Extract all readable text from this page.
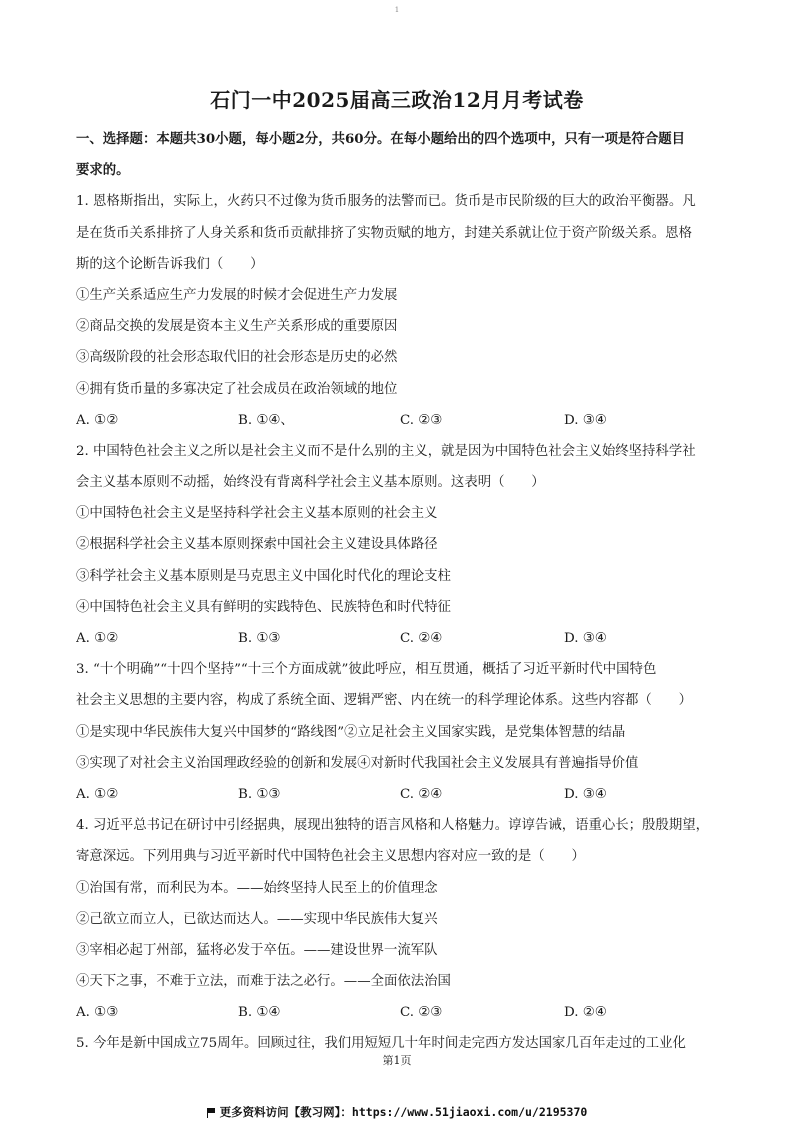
1
石门一中2025届高三政治12月月考试卷
一、选择题：本题共30小题，每小题2分，共60分。在每小题给出的四个选项中，只有一项是符合题目
要求的。
1. 恩格斯指出，实际上，火药只不过像为货币服务的法警而已。货币是市民阶级的巨大的政治平衡器。凡
是在货币关系排挤了人身关系和货币贡献排挤了实物贡赋的地方，封建关系就让位于资产阶级关系。恩格
斯的这个论断告诉我们（　　）
①生产关系适应生产力发展的时候才会促进生产力发展
②商品交换的发展是资本主义生产关系形成的重要原因
③高级阶段的社会形态取代旧的社会形态是历史的必然
④拥有货币量的多寡决定了社会成员在政治领域的地位
A. ①②	B. ①④、	C. ②③	D. ③④
2. 中国特色社会主义之所以是社会主义而不是什么别的主义，就是因为中国特色社会主义始终坚持科学社
会主义基本原则不动摇，始终没有背离科学社会主义基本原则。这表明（　　）
①中国特色社会主义是坚持科学社会主义基本原则的社会主义
②根据科学社会主义基本原则探索中国社会主义建设具体路径
③科学社会主义基本原则是马克思主义中国化时代化的理论支柱
④中国特色社会主义具有鲜明的实践特色、民族特色和时代特征
A. ①②	B. ①③	C. ②④	D. ③④
3. “十个明确”“十四个坚持”“十三个方面成就”彼此呼应，相互贯通，概括了习近平新时代中国特色
社会主义思想的主要内容，构成了系统全面、逻辑严密、内在统一的科学理论体系。这些内容都（　　）
①是实现中华民族伟大复兴中国梦的“路线图”②立足社会主义国家实践，是党集体智慧的结晶
③实现了对社会主义治国理政经验的创新和发展④对新时代我国社会主义发展具有普遍指导价值
A. ①②	B. ①③	C. ②④	D. ③④
4. 习近平总书记在研讨中引经据典，展现出独特的语言风格和人格魅力。谆谆告诫，语重心长；殷殷期望，
寄意深远。下列用典与习近平新时代中国特色社会主义思想内容对应一致的是（　　）
①治国有常，而利民为本。——始终坚持人民至上的价值理念
②己欲立而立人，已欲达而达人。——实现中华民族伟大复兴
③宰相必起丁州部，猛将必发于卒伍。——建设世界一流军队
④天下之事，不难于立法，而难于法之必行。——全面依法治国
A. ①③	B. ①④	C. ②③	D. ②④
5. 今年是新中国成立75周年。回顾过往，我们用短短几十年时间走完西方发达国家几百年走过的工业化
第1页
更多资料访问【教习网】：https://www.51jiaoxi.com/u/2195370
